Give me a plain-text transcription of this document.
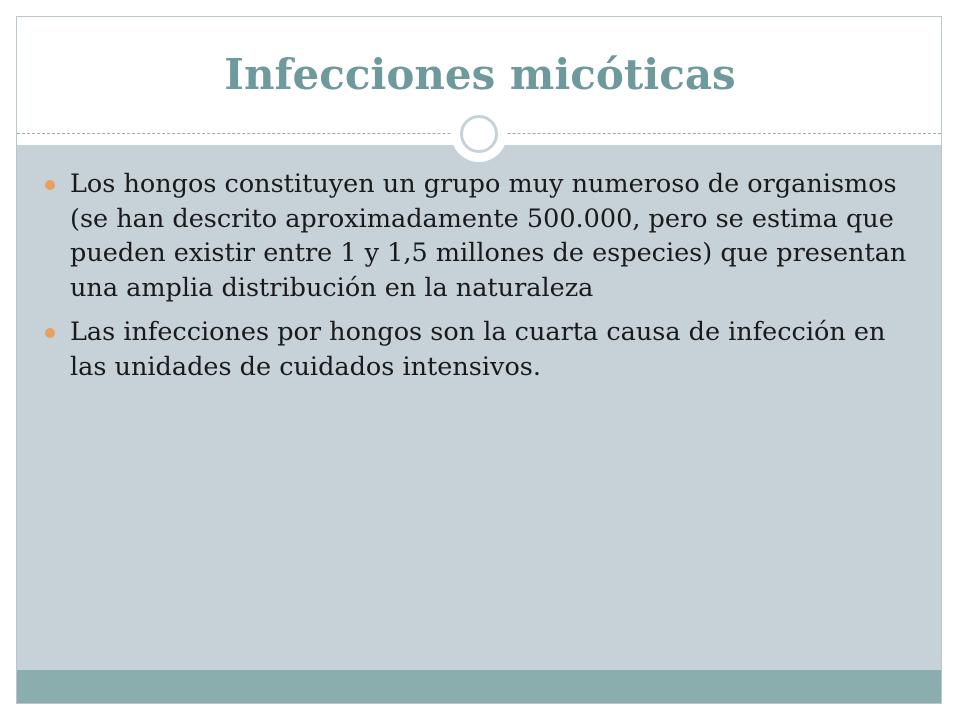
Infecciones micóticas
Los hongos constituyen un grupo muy numeroso de organismos (se han descrito aproximadamente 500.000, pero se estima que pueden existir entre 1 y 1,5 millones de especies) que presentan una amplia distribución en la naturaleza
Las infecciones por hongos son la cuarta causa de infección en las unidades de cuidados intensivos.
